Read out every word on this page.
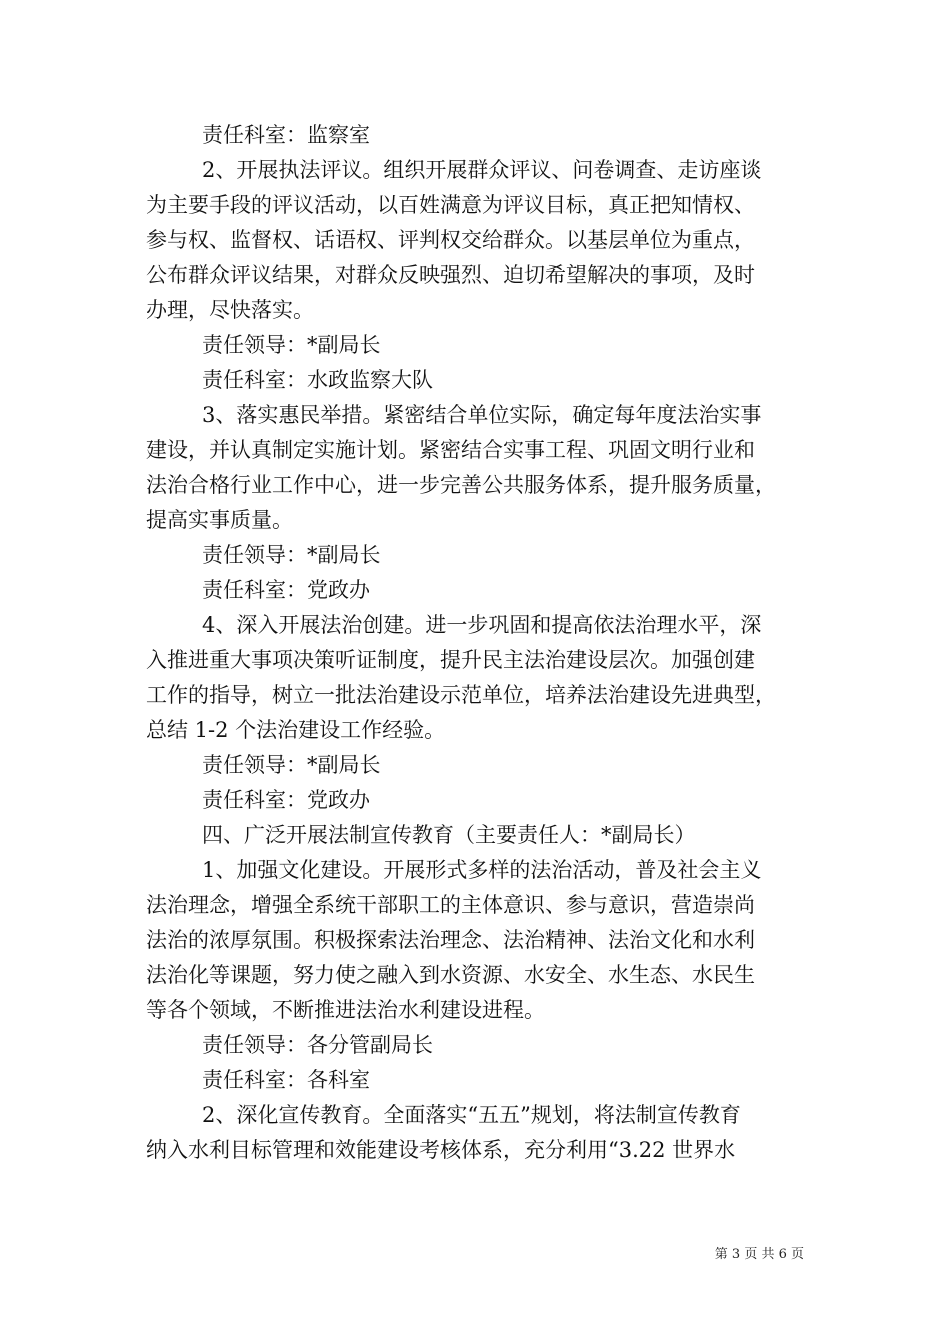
责任科室：监察室
2、开展执法评议。组织开展群众评议、问卷调查、走访座谈
为主要手段的评议活动，以百姓满意为评议目标，真正把知情权、
参与权、监督权、话语权、评判权交给群众。以基层单位为重点，
公布群众评议结果，对群众反映强烈、迫切希望解决的事项，及时
办理，尽快落实。
责任领导：*副局长
责任科室：水政监察大队
3、落实惠民举措。紧密结合单位实际，确定每年度法治实事
建设，并认真制定实施计划。紧密结合实事工程、巩固文明行业和
法治合格行业工作中心，进一步完善公共服务体系，提升服务质量，
提高实事质量。
责任领导：*副局长
责任科室：党政办
4、深入开展法治创建。进一步巩固和提高依法治理水平，深
入推进重大事项决策听证制度，提升民主法治建设层次。加强创建
工作的指导，树立一批法治建设示范单位，培养法治建设先进典型，
总结 1-2 个法治建设工作经验。
责任领导：*副局长
责任科室：党政办
四、广泛开展法制宣传教育（主要责任人：*副局长）
1、加强文化建设。开展形式多样的法治活动，普及社会主义
法治理念，增强全系统干部职工的主体意识、参与意识，营造崇尚
法治的浓厚氛围。积极探索法治理念、法治精神、法治文化和水利
法治化等课题，努力使之融入到水资源、水安全、水生态、水民生
等各个领域，不断推进法治水利建设进程。
责任领导：各分管副局长
责任科室：各科室
2、深化宣传教育。全面落实“五五”规划，将法制宣传教育
纳入水利目标管理和效能建设考核体系，充分利用“3.22 世界水
第 3 页 共 6 页
